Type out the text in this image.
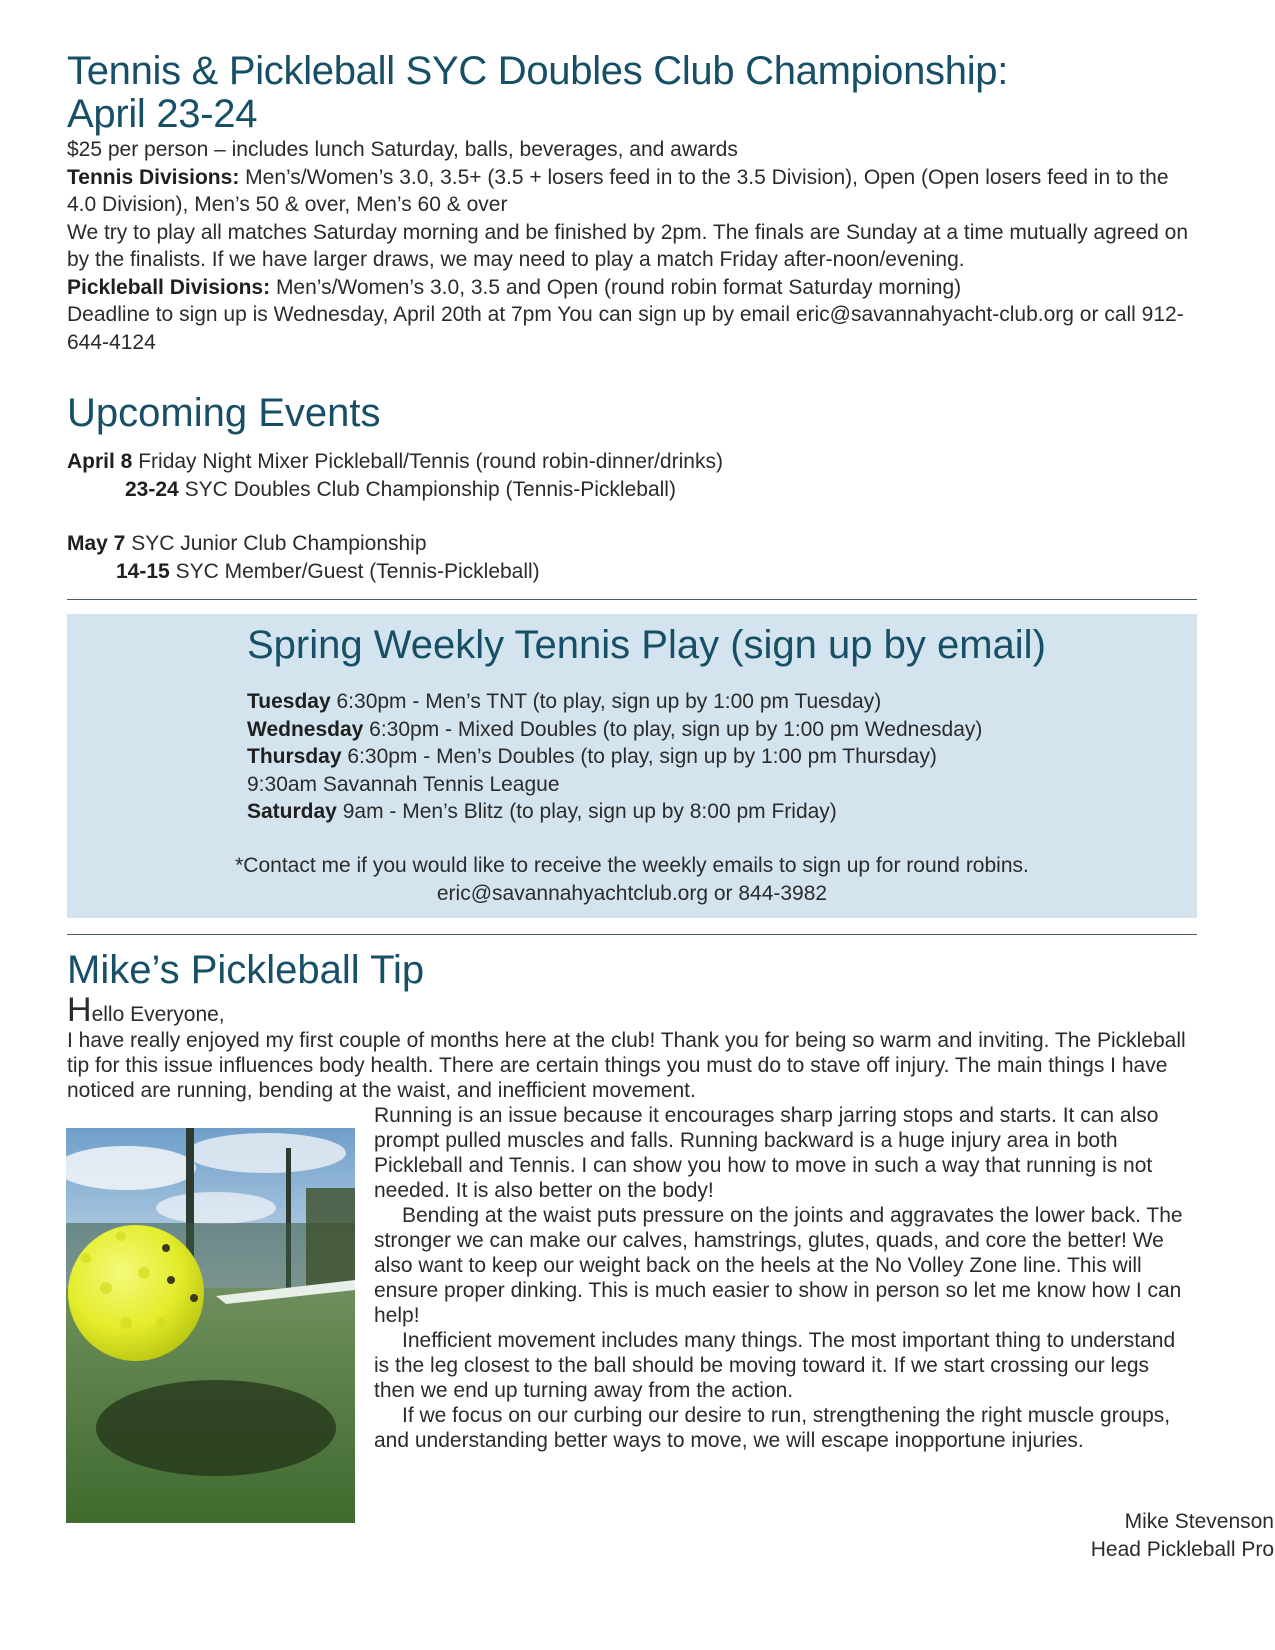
Tennis & Pickleball SYC Doubles Club Championship:
April 23-24
$25 per person – includes lunch Saturday, balls, beverages, and awards
Tennis Divisions: Men’s/Women’s 3.0, 3.5+ (3.5 + losers feed in to the 3.5 Division), Open (Open losers feed in to the 4.0 Division), Men’s 50 & over, Men’s 60 & over
We try to play all matches Saturday morning and be finished by 2pm. The finals are Sunday at a time mutually agreed on by the finalists. If we have larger draws, we may need to play a match Friday after-noon/evening.
Pickleball Divisions: Men’s/Women’s 3.0, 3.5 and Open (round robin format Saturday morning)
Deadline to sign up is Wednesday, April 20th at 7pm You can sign up by email eric@savannahyacht-club.org or call 912-644-4124
Upcoming Events
April 8 Friday Night Mixer Pickleball/Tennis (round robin-dinner/drinks)
23-24 SYC Doubles Club Championship (Tennis-Pickleball)
May 7 SYC Junior Club Championship
14-15 SYC Member/Guest (Tennis-Pickleball)
Spring Weekly Tennis Play (sign up by email)
Tuesday 6:30pm - Men’s TNT (to play, sign up by 1:00 pm Tuesday)
Wednesday 6:30pm - Mixed Doubles (to play, sign up by 1:00 pm Wednesday)
Thursday 6:30pm - Men’s Doubles (to play, sign up by 1:00 pm Thursday)
9:30am Savannah Tennis League
Saturday 9am - Men’s Blitz (to play, sign up by 8:00 pm Friday)
*Contact me if you would like to receive the weekly emails to sign up for round robins.
eric@savannahyachtclub.org or 844-3982
Mike’s Pickleball Tip
Hello Everyone,
I have really enjoyed my first couple of months here at the club! Thank you for being so warm and inviting. The Pickleball tip for this issue influences body health. There are certain things you must do to stave off injury. The main things I have noticed are running, bending at the waist, and inefficient movement.

Running is an issue because it encourages sharp jarring stops and starts. It can also prompt pulled muscles and falls. Running backward is a huge injury area in both Pickleball and Tennis. I can show you how to move in such a way that running is not needed. It is also better on the body!

Bending at the waist puts pressure on the joints and aggravates the lower back. The stronger we can make our calves, hamstrings, glutes, quads, and core the better! We also want to keep our weight back on the heels at the No Volley Zone line. This will ensure proper dinking. This is much easier to show in person so let me know how I can help!

Inefficient movement includes many things. The most important thing to understand is the leg closest to the ball should be moving toward it. If we start crossing our legs then we end up turning away from the action.

If we focus on our curbing our desire to run, strengthening the right muscle groups, and understanding better ways to move, we will escape inopportune injuries.

Mike Stevenson
Head Pickleball Pro
